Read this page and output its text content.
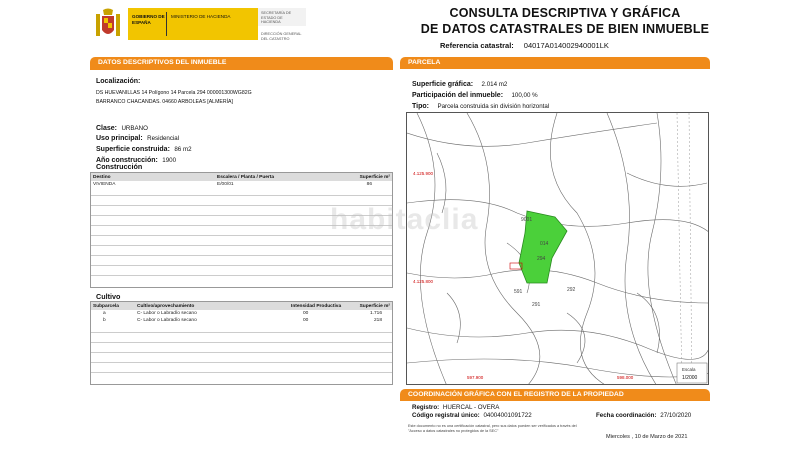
GOBIERNO DE ESPAÑA
MINISTERIO DE HACIENDA
SECRETARÍA DE ESTADO DE HACIENDA
DIRECCIÓN GENERAL DEL CATASTRO
CONSULTA DESCRIPTIVA Y GRÁFICA
DE DATOS CATASTRALES DE BIEN INMUEBLE
Referencia catastral: 04017A014002940001LK
DATOS DESCRIPTIVOS DEL INMUEBLE
Localización:
DS HUEVANILLAS 14 Polígono 14 Parcela 294 000001300WG82G
BARRANCO CHACANDAS. 04660 ARBOLEAS [ALMERÍA]
Clase: URBANO
Uso principal: Residencial
Superficie construida: 86 m2
Año construcción: 1900
Construcción
Destino	Escalera / Planta / Puerta	Superficie m²
VIVIENDA	E/00/01	86
Cultivo
Subparcela	Cultivo/aprovechamiento	Intensidad Productiva	Superficie m²
a	C- Labor o Labradío secano	00	1.716
b	C- Labor o Labradío secano	00	218
PARCELA
Superficie gráfica: 2.014 m2
Participación del inmueble: 100,00 %
Tipo: Parcela construida sin división horizontal
9001
014
294
591	292
291
4.125.900
4.125.800
597.900	598.000
Escala
1/2000
COORDINACIÓN GRÁFICA CON EL REGISTRO DE LA PROPIEDAD
Registro: HUERCAL - OVERA
Código registral único: 04004001091722	Fecha coordinación: 27/10/2020
Este documento no es una certificación catastral, pero sus datos pueden ser verificados a través del "Acceso a datos catastrales no protegidos de la SEC"
Miercoles , 10 de Marzo de 2021
habitaclia
